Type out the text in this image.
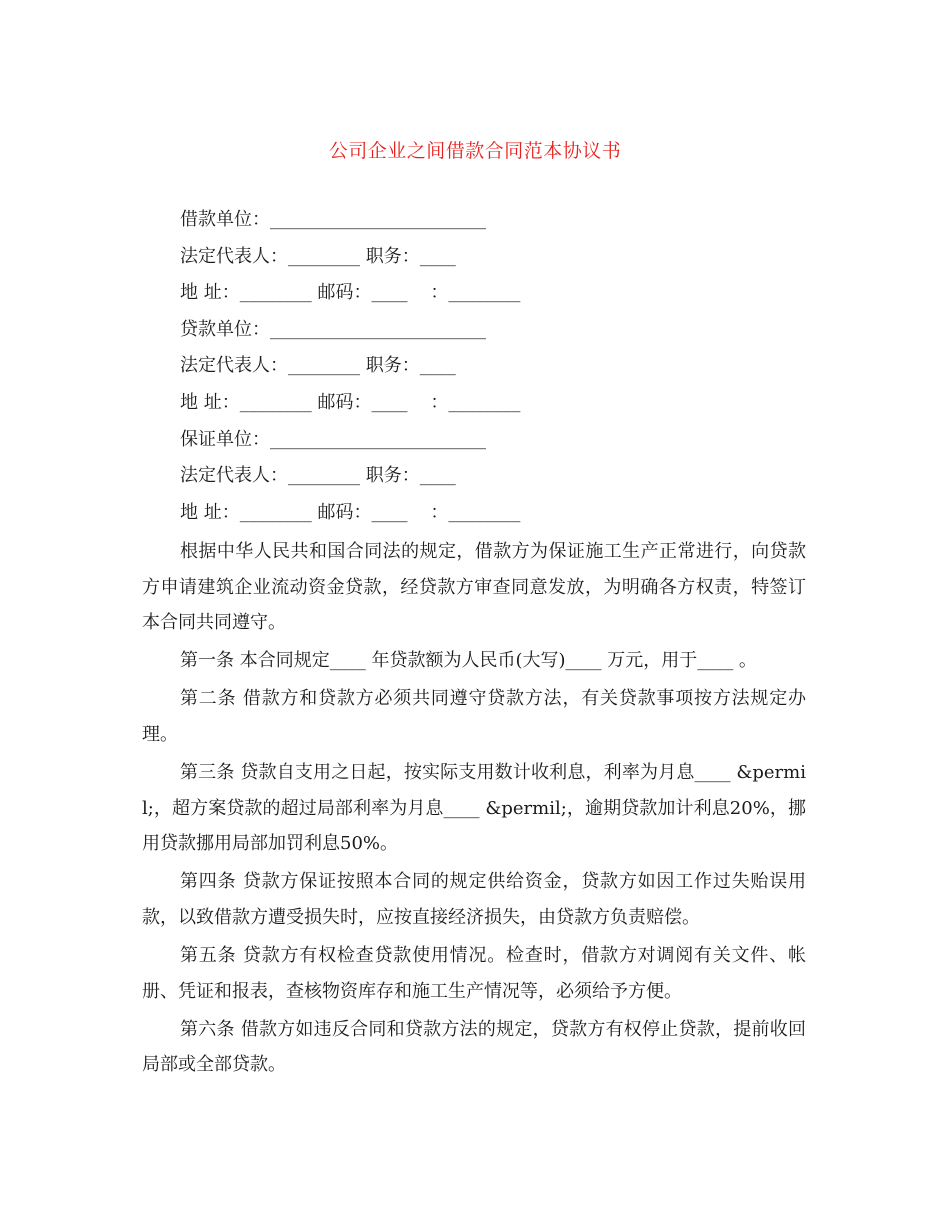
公司企业之间借款合同范本协议书
借款单位：________________________
法定代表人：________ 职务：____
地 址：________ 邮码：____    ：________
贷款单位：________________________
法定代表人：________ 职务：____
地 址：________ 邮码：____    ：________
保证单位：________________________
法定代表人：________ 职务：____
地 址：________ 邮码：____    ：________

根据中华人民共和国合同法的规定，借款方为保证施工生产正常进行，向贷款方申请建筑企业流动资金贷款，经贷款方审查同意发放，为明确各方权责，特签订本合同共同遵守。

第一条 本合同规定____ 年贷款额为人民币(大写)____ 万元，用于____ 。

第二条 借款方和贷款方必须共同遵守贷款方法，有关贷款事项按方法规定办理。

第三条 贷款自支用之日起，按实际支用数计收利息，利率为月息____ &permil;，超方案贷款的超过局部利率为月息____ &permil;，逾期贷款加计利息20%，挪用贷款挪用局部加罚利息50%。

第四条 贷款方保证按照本合同的规定供给资金，贷款方如因工作过失贻误用款，以致借款方遭受损失时，应按直接经济损失，由贷款方负责赔偿。

第五条 贷款方有权检查贷款使用情况。检查时，借款方对调阅有关文件、帐册、凭证和报表，查核物资库存和施工生产情况等，必须给予方便。

第六条 借款方如违反合同和贷款方法的规定，贷款方有权停止贷款，提前收回局部或全部贷款。
